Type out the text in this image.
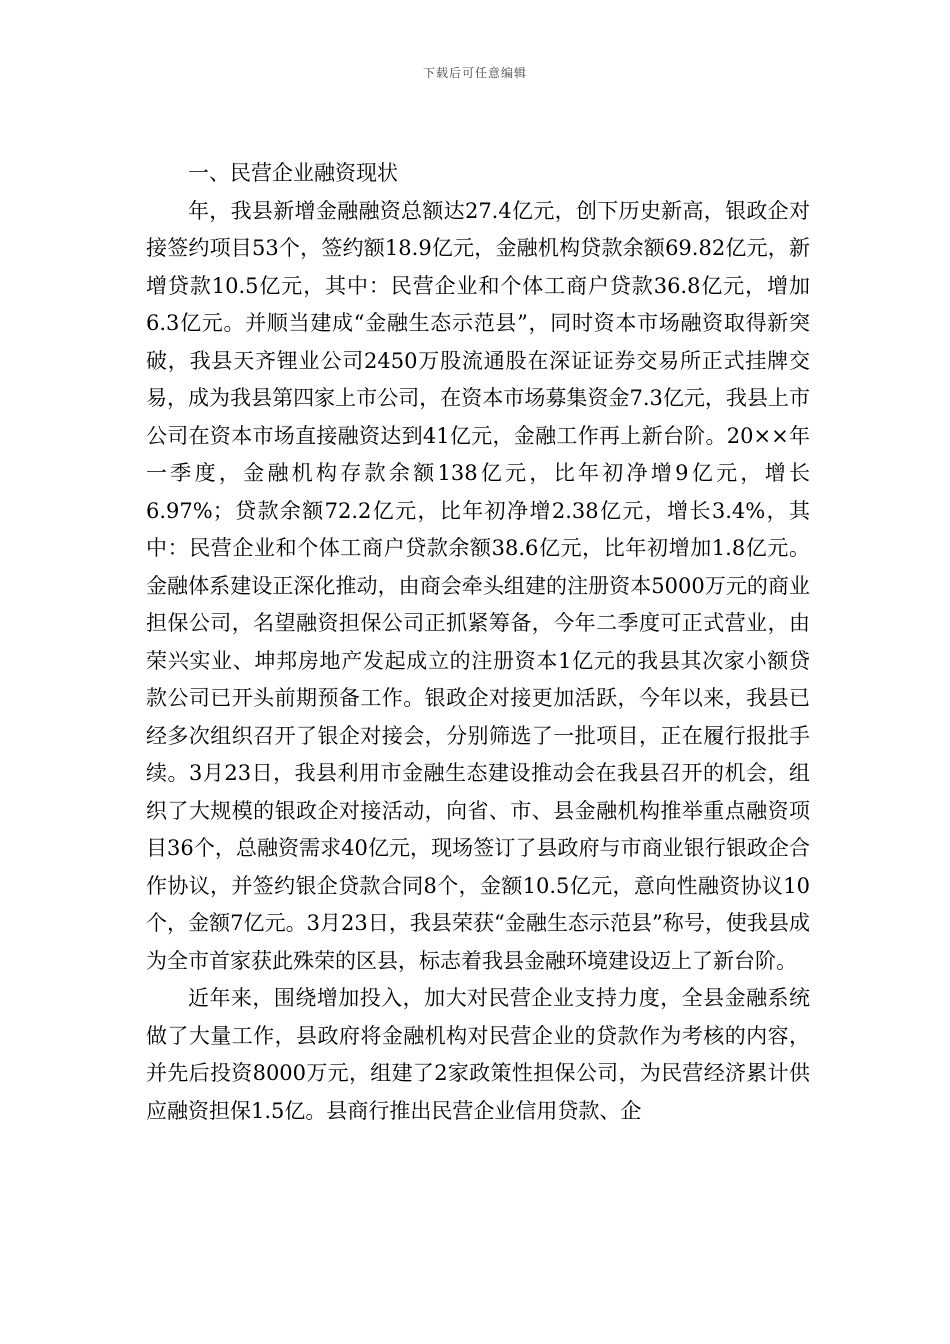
下载后可任意编辑
一、民营企业融资现状

年，我县新增金融融资总额达27.4亿元，创下历史新高，银政企对接签约项目53个，签约额18.9亿元，金融机构贷款余额69.82亿元，新增贷款10.5亿元，其中：民营企业和个体工商户贷款36.8亿元，增加6.3亿元。并顺当建成“金融生态示范县”，同时资本市场融资取得新突破，我县天齐锂业公司2450万股流通股在深证证券交易所正式挂牌交易，成为我县第四家上市公司，在资本市场募集资金7.3亿元，我县上市公司在资本市场直接融资达到41亿元，金融工作再上新台阶。20××年一季度，金融机构存款余额138亿元，比年初净增9亿元，增长6.97%；贷款余额72.2亿元，比年初净增2.38亿元，增长3.4%，其中：民营企业和个体工商户贷款余额38.6亿元，比年初增加1.8亿元。金融体系建设正深化推动，由商会牵头组建的注册资本5000万元的商业担保公司，名望融资担保公司正抓紧筹备，今年二季度可正式营业，由荣兴实业、坤邦房地产发起成立的注册资本1亿元的我县其次家小额贷款公司已开头前期预备工作。银政企对接更加活跃，今年以来，我县已经多次组织召开了银企对接会，分别筛选了一批项目，正在履行报批手续。3月23日，我县利用市金融生态建设推动会在我县召开的机会，组织了大规模的银政企对接活动，向省、市、县金融机构推举重点融资项目36个，总融资需求40亿元，现场签订了县政府与市商业银行银政企合作协议，并签约银企贷款合同8个，金额10.5亿元，意向性融资协议10个，金额7亿元。3月23日，我县荣获“金融生态示范县”称号，使我县成为全市首家获此殊荣的区县，标志着我县金融环境建设迈上了新台阶。

近年来，围绕增加投入，加大对民营企业支持力度，全县金融系统做了大量工作，县政府将金融机构对民营企业的贷款作为考核的内容，并先后投资8000万元，组建了2家政策性担保公司，为民营经济累计供应融资担保1.5亿。县商行推出民营企业信用贷款、企
